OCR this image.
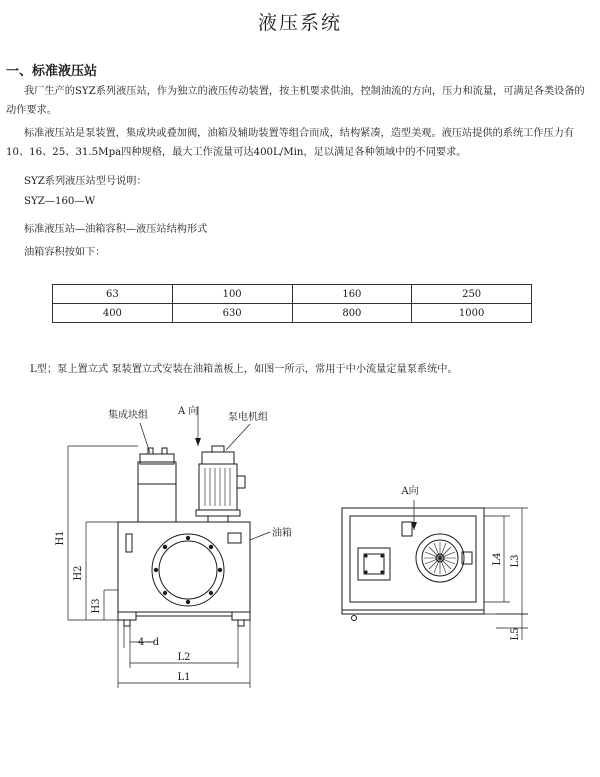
液压系统
一、标准液压站
我厂生产的SYZ系列液压站，作为独立的液压传动装置，按主机要求供油，控制油流的方向，压力和流量，可满足各类设备的动作要求。
标准液压站是泵装置，集成块或叠加阀，油箱及辅助装置等组合而成，结构紧凑，造型美观。液压站提供的系统工作压力有10、16、25、31.5Mpa四种规格，最大工作流量可达400L/Min，足以满足各种领域中的不同要求。
SYZ系列液压站型号说明：
SYZ—160—W
标准液压站—油箱容积—液压站结构形式
油箱容积按如下：
63	100	160	250
400	630	800	1000
L型；泵上置立式 泵装置立式安装在油箱盖板上，如图一所示，常用于中小流量定量泵系统中。
集成块组	A 向
泵电机组
油箱
H1
H2
H3
4−d
L2
L1
A向
L4 L3
L5
